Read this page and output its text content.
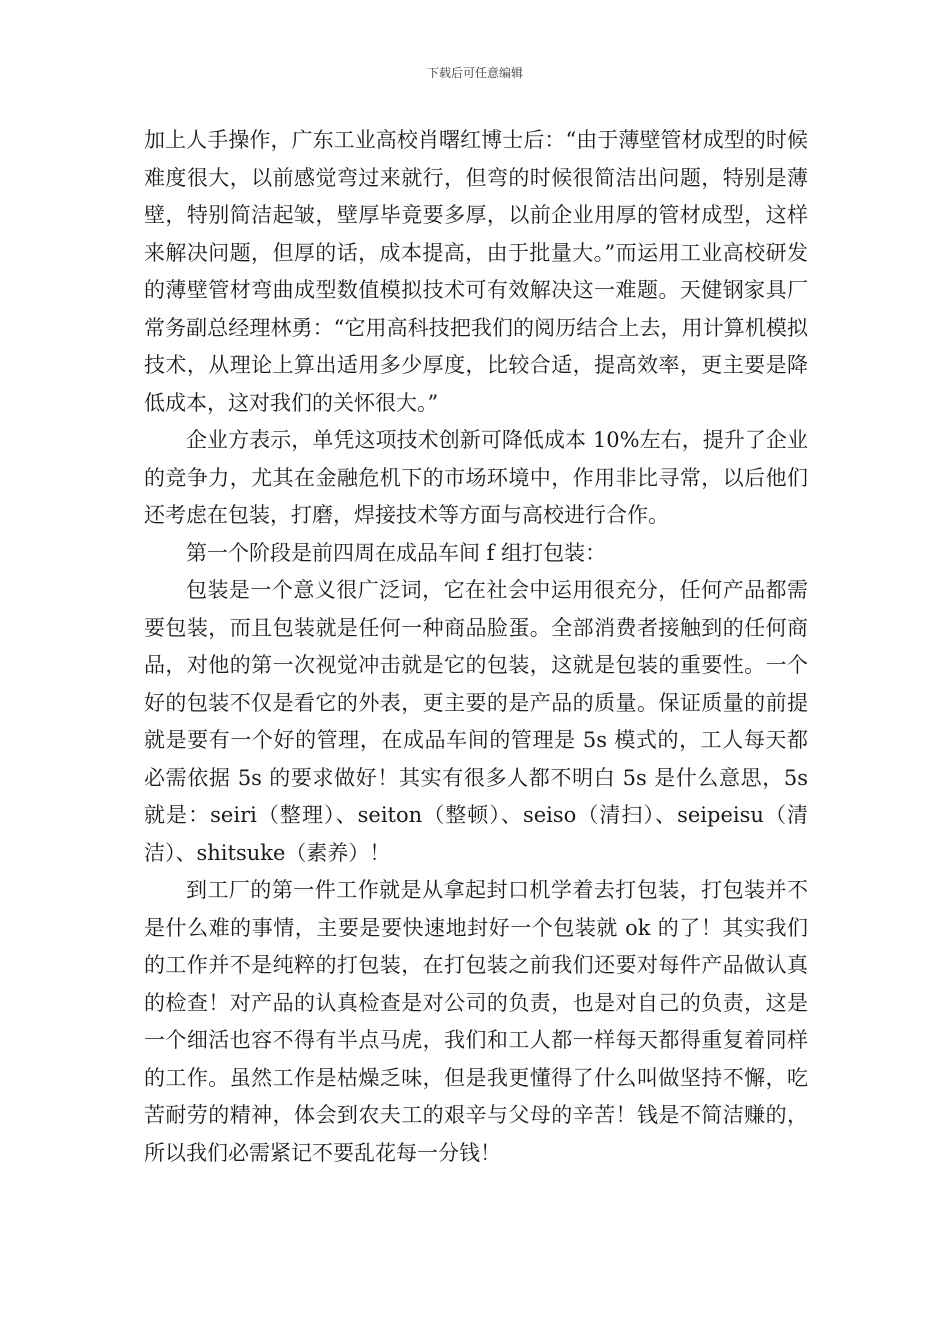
下载后可任意编辑

加上人手操作，广东工业高校肖曙红博士后：“由于薄壁管材成型的时候难度很大，以前感觉弯过来就行，但弯的时候很简洁出问题，特别是薄壁，特别简洁起皱，壁厚毕竟要多厚，以前企业用厚的管材成型，这样来解决问题，但厚的话，成本提高，由于批量大。”而运用工业高校研发的薄壁管材弯曲成型数值模拟技术可有效解决这一难题。天健钢家具厂常务副总经理林勇：“它用高科技把我们的阅历结合上去，用计算机模拟技术，从理论上算出适用多少厚度，比较合适，提高效率，更主要是降低成本，这对我们的关怀很大。”

企业方表示，单凭这项技术创新可降低成本 10%左右，提升了企业的竞争力，尤其在金融危机下的市场环境中，作用非比寻常，以后他们还考虑在包装，打磨，焊接技术等方面与高校进行合作。

第一个阶段是前四周在成品车间 f 组打包装：

包装是一个意义很广泛词，它在社会中运用很充分，任何产品都需要包装，而且包装就是任何一种商品脸蛋。全部消费者接触到的任何商品，对他的第一次视觉冲击就是它的包装，这就是包装的重要性。一个好的包装不仅是看它的外表，更主要的是产品的质量。保证质量的前提就是要有一个好的管理，在成品车间的管理是 5s 模式的，工人每天都必需依据 5s 的要求做好！其实有很多人都不明白 5s 是什么意思，5s 就是：seiri（整理）、seiton（整顿）、seiso（清扫）、seipeisu（清洁）、shitsuke（素养）！

到工厂的第一件工作就是从拿起封口机学着去打包装，打包装并不是什么难的事情，主要是要快速地封好一个包装就 ok 的了！其实我们的工作并不是纯粹的打包装，在打包装之前我们还要对每件产品做认真的检查！对产品的认真检查是对公司的负责，也是对自己的负责，这是一个细活也容不得有半点马虎，我们和工人都一样每天都得重复着同样的工作。虽然工作是枯燥乏味，但是我更懂得了什么叫做坚持不懈，吃苦耐劳的精神，体会到农夫工的艰辛与父母的辛苦！钱是不简洁赚的，所以我们必需紧记不要乱花每一分钱！
